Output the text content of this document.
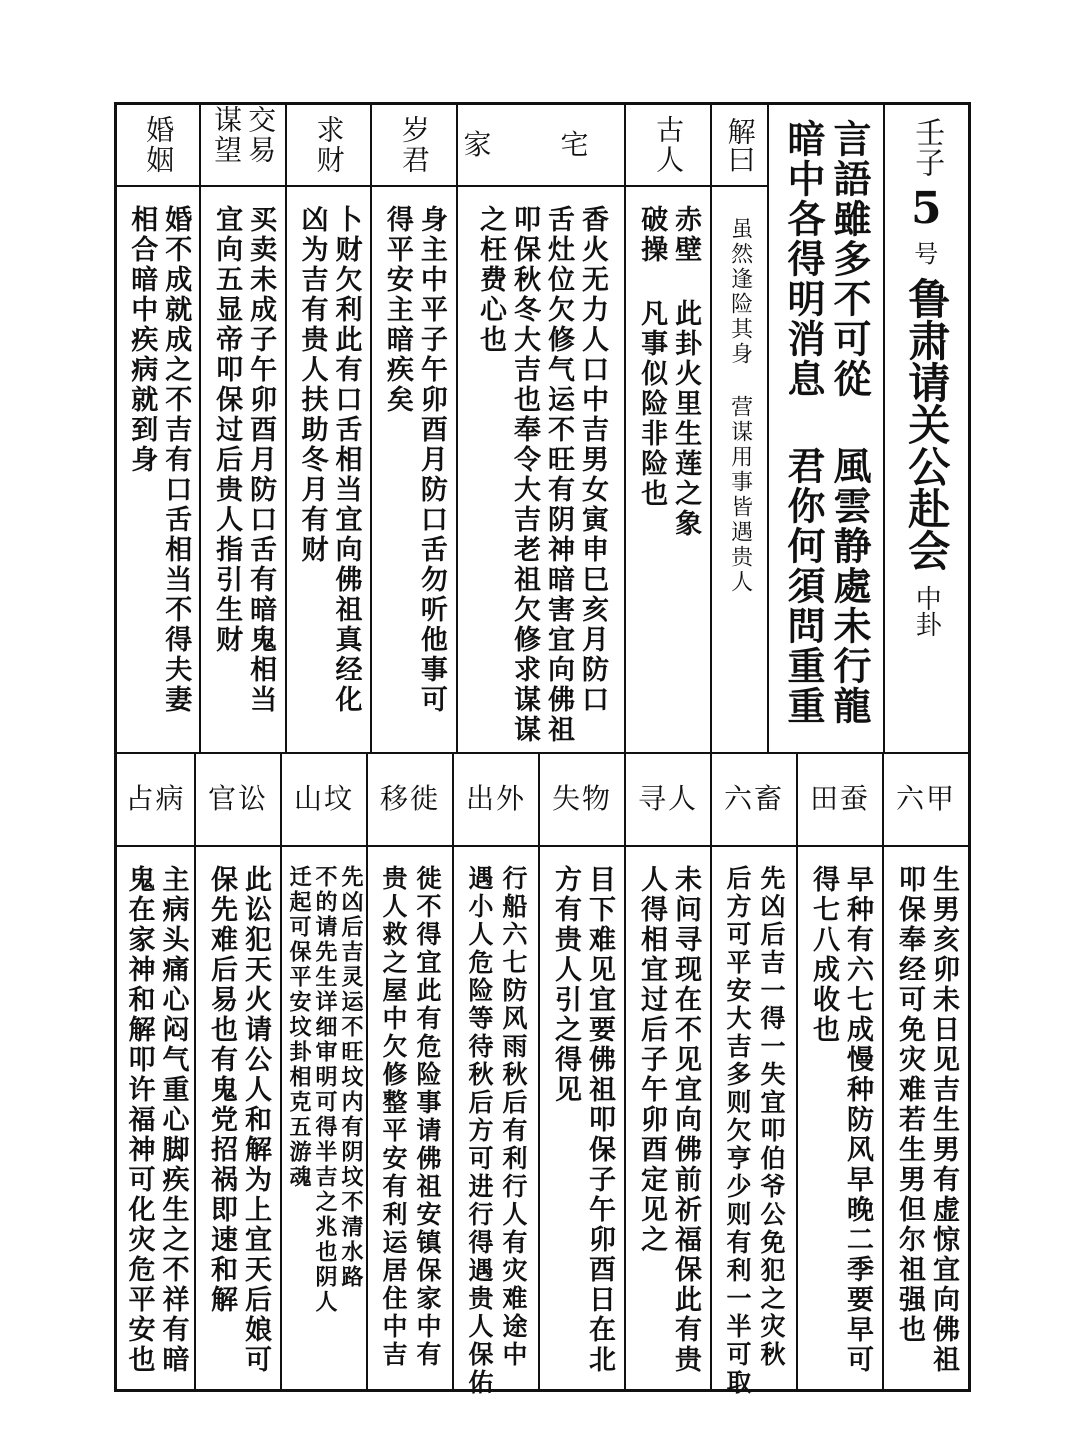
壬子
5
号
鲁肃请关公赴会
中卦
言語雖多不可從 風雲静處未行龍
暗中各得明消息 君你何須問重重
解曰
虽然逢险其身 营谋用事皆遇贵人
古人
赤壁 此卦火里生莲之象
破操 凡事似险非险也
家 宅
香火无力人口中吉男女寅申巳亥月防口
舌灶位欠修气运不旺有阴神暗害宜向佛祖
叩保秋冬大吉也奉令大吉老祖欠修求谋谋
之枉费心也
岁君
身主中平子午卯酉月防口舌勿听他事可
得平安主暗疾矣
求财
卜财欠利此有口舌相当宜向佛祖真经化
凶为吉有贵人扶助冬月有财
交易 谋望
买卖未成子午卯酉月防口舌有暗鬼相当
宜向五显帝叩保过后贵人指引生财
婚姻
婚不成就成之不吉有口舌相当不得夫妻
相合暗中疾病就到身
六甲
生男亥卯未日见吉生男有虚惊宜向佛祖
叩保奉经可免灾难若生男但尔祖强也
田蚕
早种有六七成慢种防风早晚二季要早可
得七八成收也
六畜
先凶后吉一得一失宜叩伯爷公免犯之灾秋
后方可平安大吉多则欠亨少则有利一半可取
寻人
未问寻现在不见宜向佛前祈福保此有贵
人得相宜过后子午卯酉定见之
失物
目下难见宜要佛祖叩保子午卯酉日在北
方有贵人引之得见
出外
行船六七防风雨秋后有利行人有灾难途中
遇小人危险等待秋后方可进行得遇贵人保佑
移徙
徙不得宜此有危险事请佛祖安镇保家中有
贵人救之屋中欠修整平安有利运居住中吉
山坟
先凶后吉灵运不旺坟内有阴坟不清水路
不的请先生详细审明可得半吉之兆也阴人
迁起可保平安坟卦相克五游魂
官讼
此讼犯天火请公人和解为上宜天后娘可
保先难后易也有鬼党招祸即速和解
占病
主病头痛心闷气重心脚疾生之不祥有暗
鬼在家神和解叩许福神可化灾危平安也
